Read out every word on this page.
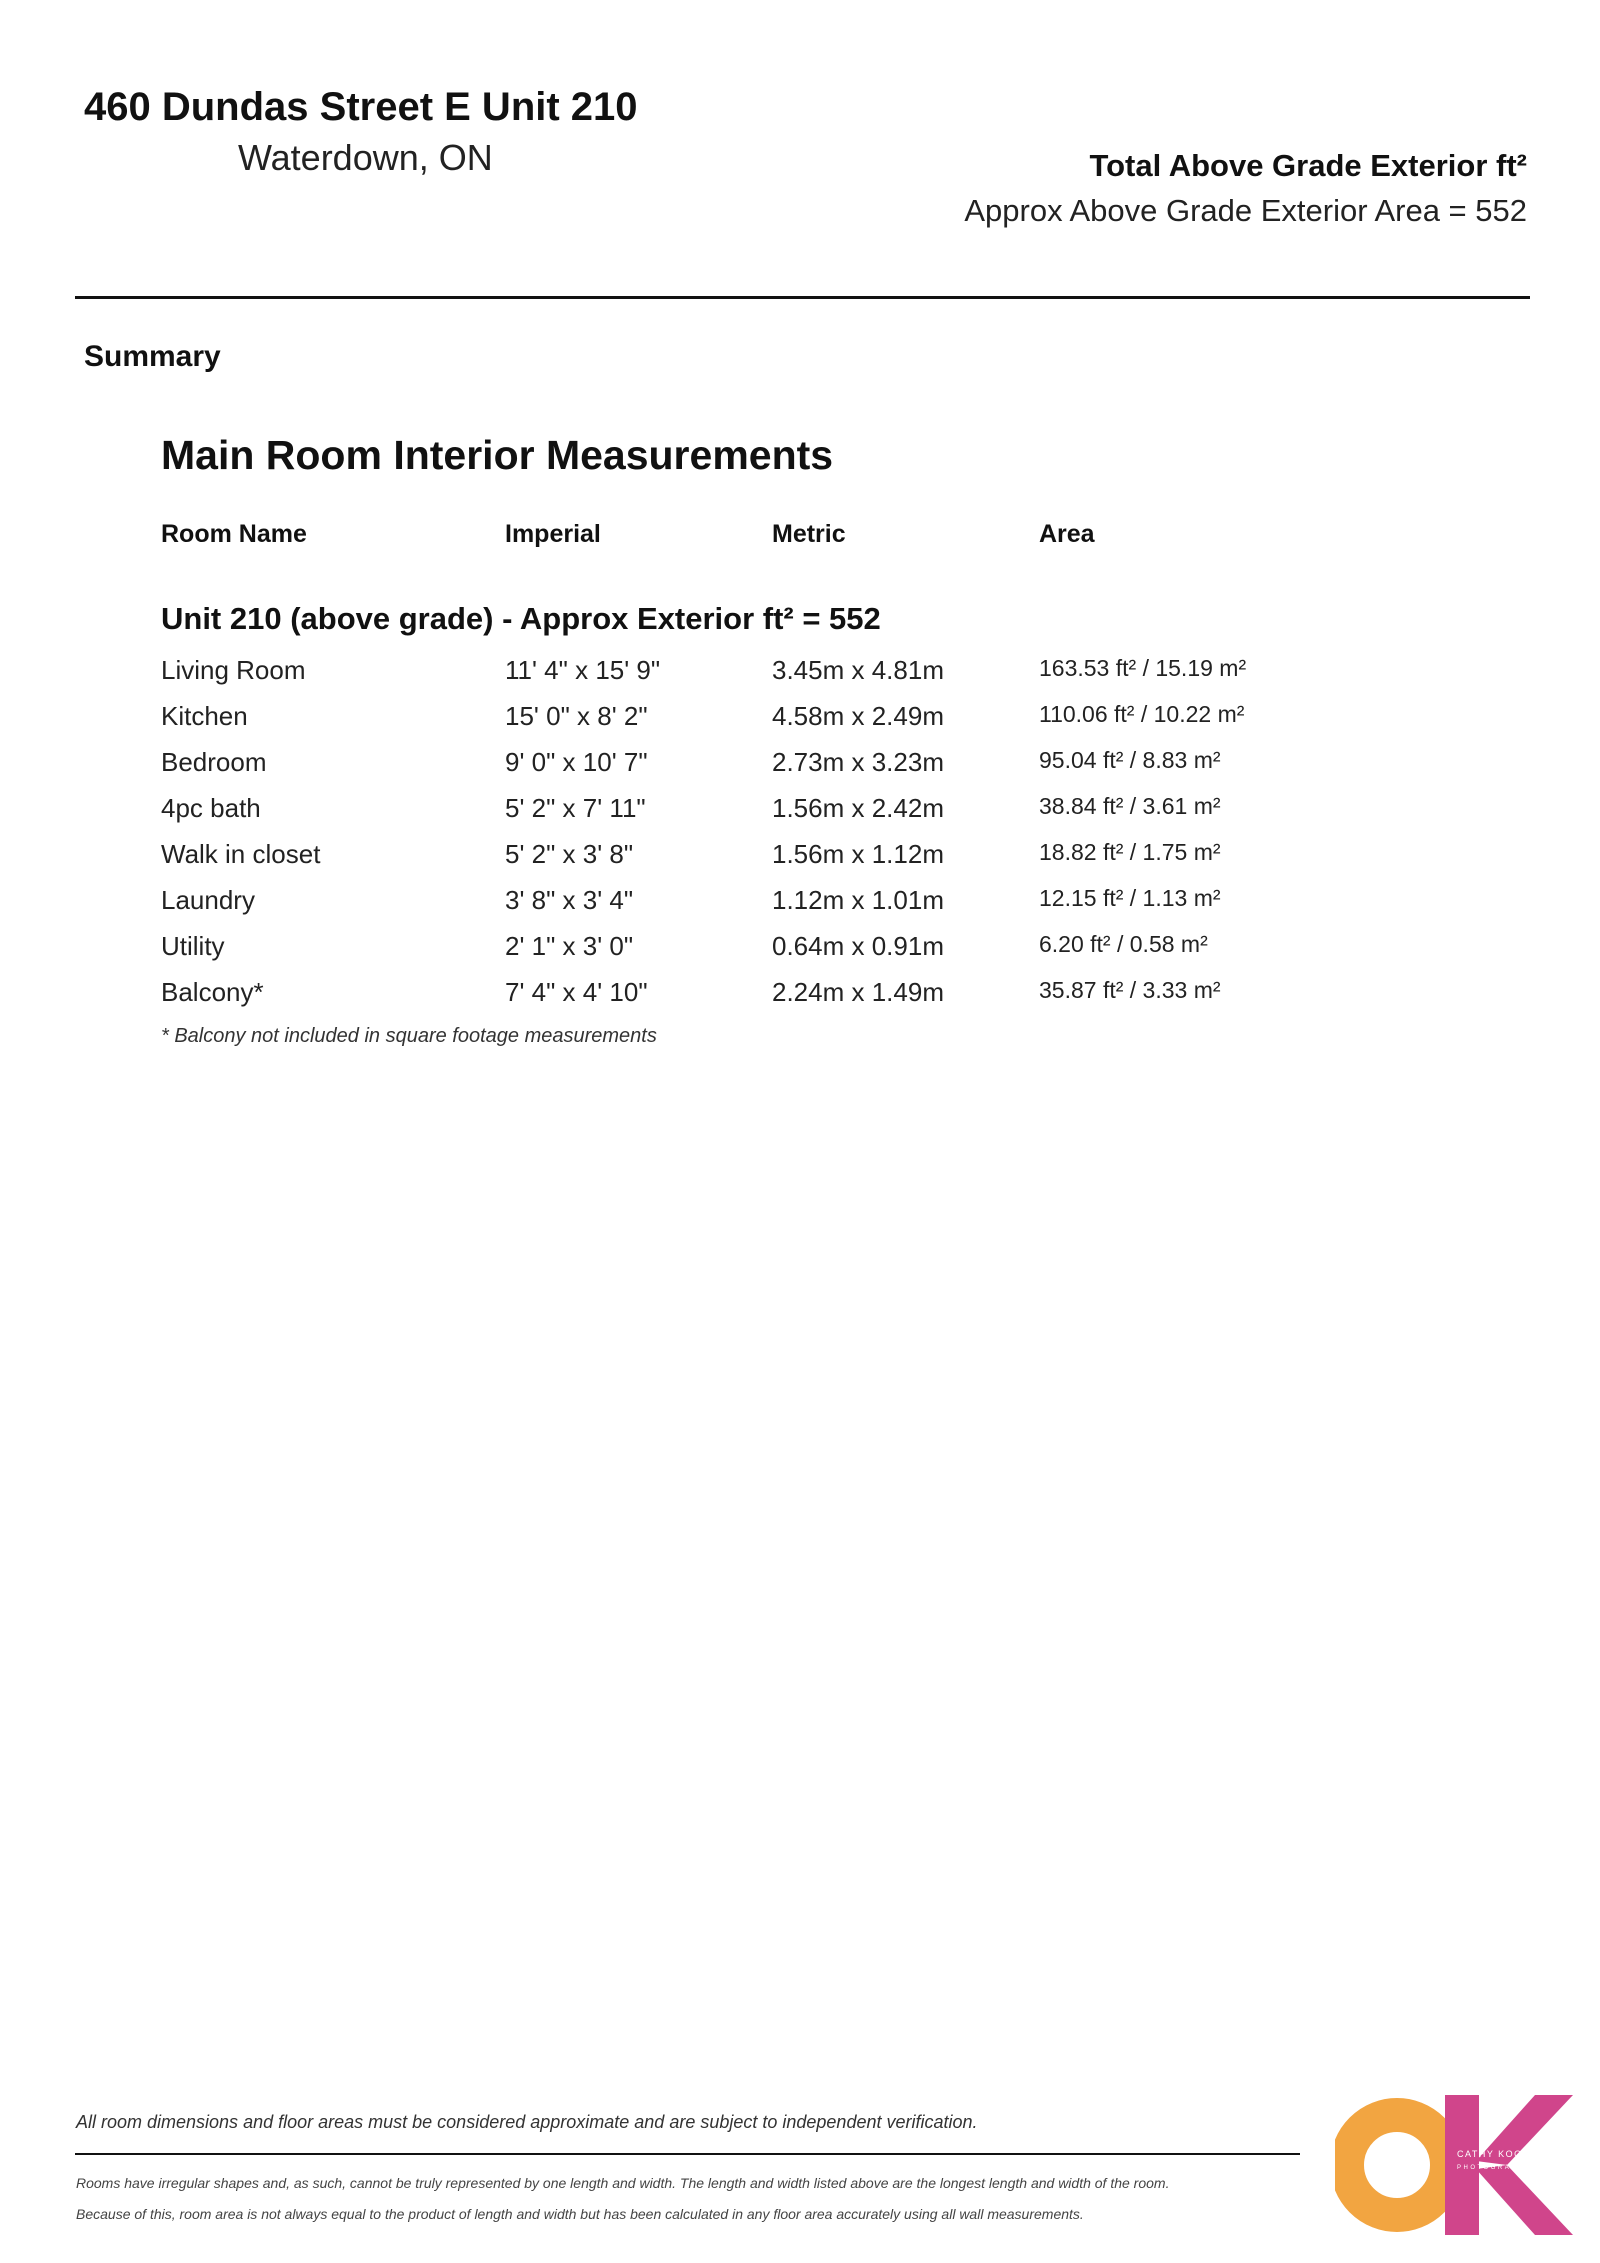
460 Dundas Street E Unit 210
Waterdown, ON	Total Above Grade Exterior ft²
Approx Above Grade Exterior Area = 552
Summary
Main Room Interior Measurements
Room Name	Imperial	Metric	Area
Unit 210 (above grade) - Approx Exterior ft² = 552
Living Room	11' 4" x 15' 9"	3.45m x 4.81m	163.53 ft² / 15.19 m²
Kitchen	15' 0" x 8' 2"	4.58m x 2.49m	110.06 ft² / 10.22 m²
Bedroom	9' 0" x 10' 7"	2.73m x 3.23m	95.04 ft² / 8.83 m²
4pc bath	5' 2" x 7' 11"	1.56m x 2.42m	38.84 ft² / 3.61 m²
Walk in closet	5' 2" x 3' 8"	1.56m x 1.12m	18.82 ft² / 1.75 m²
Laundry	3' 8" x 3' 4"	1.12m x 1.01m	12.15 ft² / 1.13 m²
Utility	2' 1" x 3' 0"	0.64m x 0.91m	6.20 ft² / 0.58 m²
Balcony*	7' 4" x 4' 10"	2.24m x 1.49m	35.87 ft² / 3.33 m²
* Balcony not included in square footage measurements
All room dimensions and floor areas must be considered approximate and are subject to independent verification.
Rooms have irregular shapes and, as such, cannot be truly represented by one length and width. The length and width listed above are the longest length and width of the room.
Because of this, room area is not always equal to the product of length and width but has been calculated in any floor area accurately using all wall measurements.
CATHY KOOP
PHOTOGRAPHY
